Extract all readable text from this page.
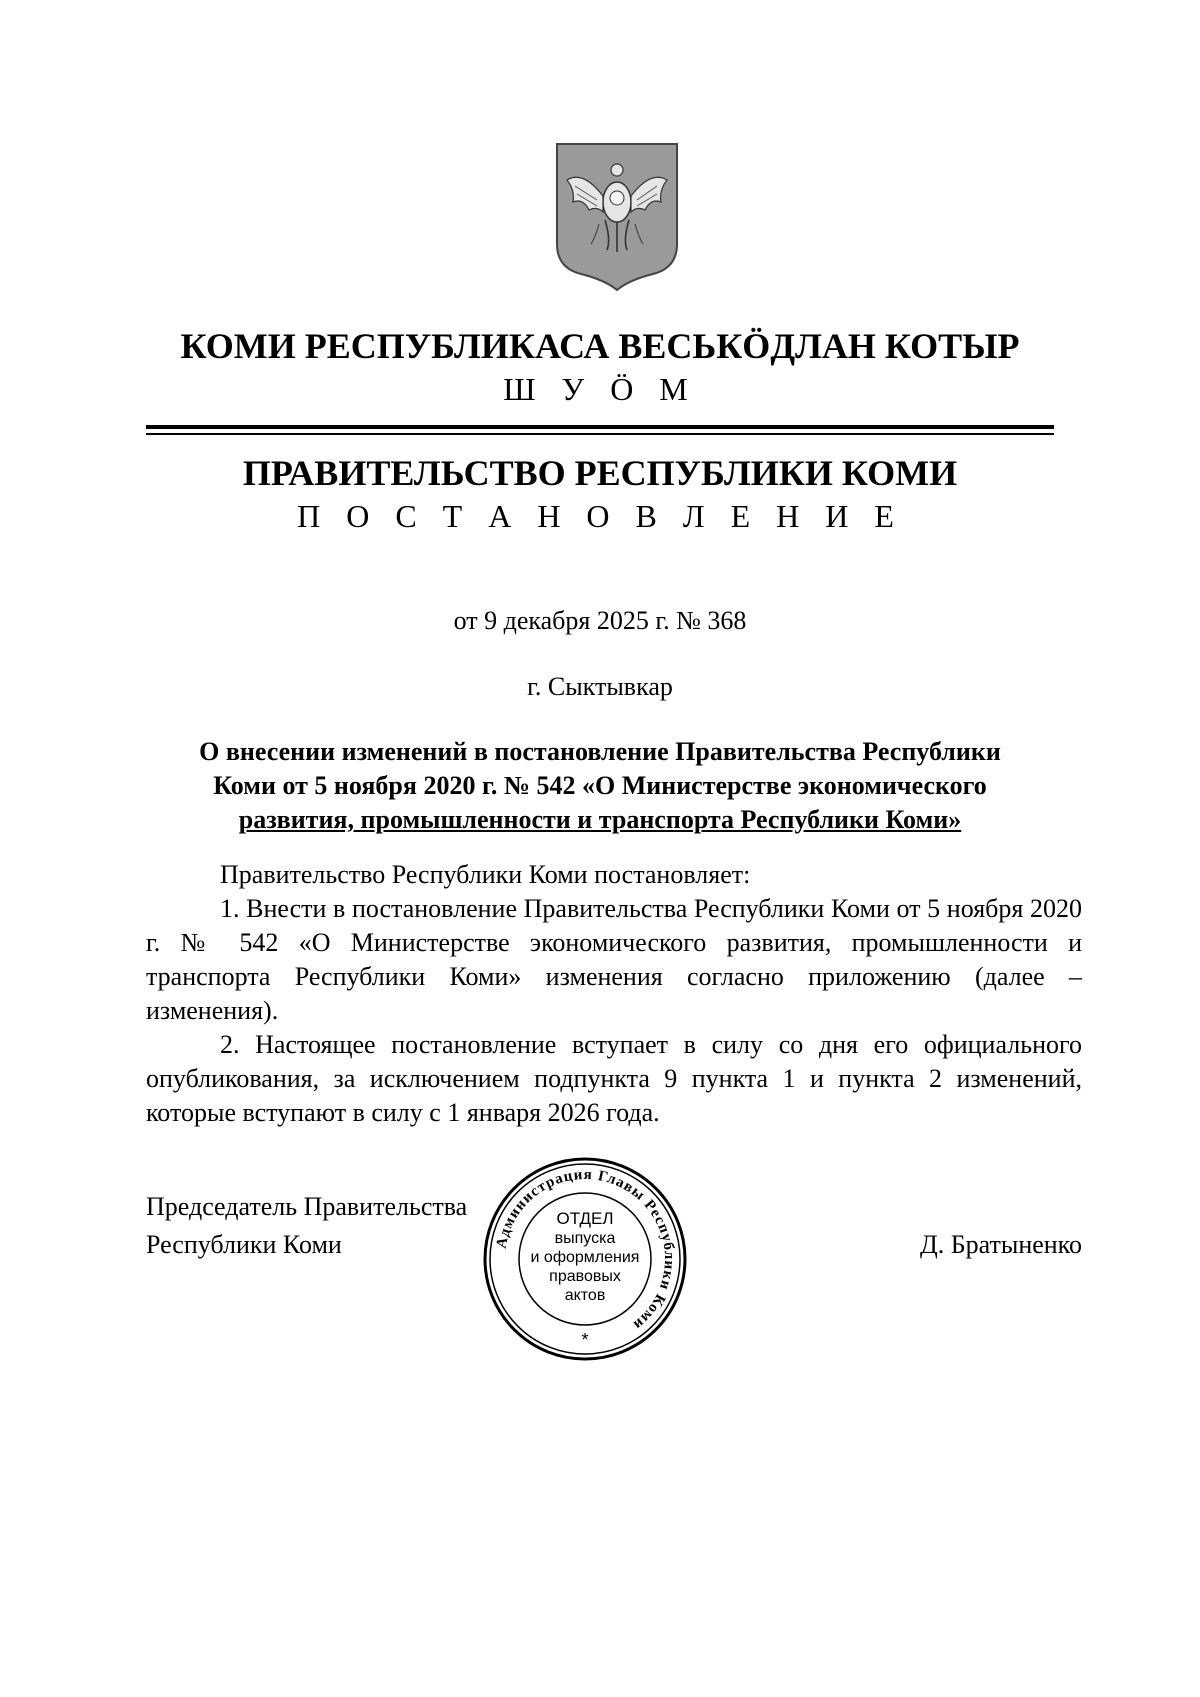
КОМИ РЕСПУБЛИКАСА ВЕСЬКӦДЛАН КОТЫР
Ш У Ӧ М
ПРАВИТЕЛЬСТВО РЕСПУБЛИКИ КОМИ
П О С Т А Н О В Л Е Н И Е
от 9 декабря 2025 г. № 368
г. Сыктывкар
О внесении изменений в постановление Правительства Республики
Коми от 5 ноября 2020 г. № 542 «О Министерстве экономического
развития, промышленности и транспорта Республики Коми»

Правительство Республики Коми постановляет:

1. Внести в постановление Правительства Республики Коми от 5 ноября 2020 г. № 542 «О Министерстве экономического развития, промышленности и транспорта Республики Коми» изменения согласно приложению (далее – изменения).

2. Настоящее постановление вступает в силу со дня его официального опубликования, за исключением подпункта 9 пункта 1 и пункта 2 изменений, которые вступают в силу с 1 января 2026 года.

Председатель Правительства
Республики Коми	Д. Братыненко
Администрация Главы Республики Коми
ОТДЕЛ
выпуска
и оформления
правовых
актов
*
